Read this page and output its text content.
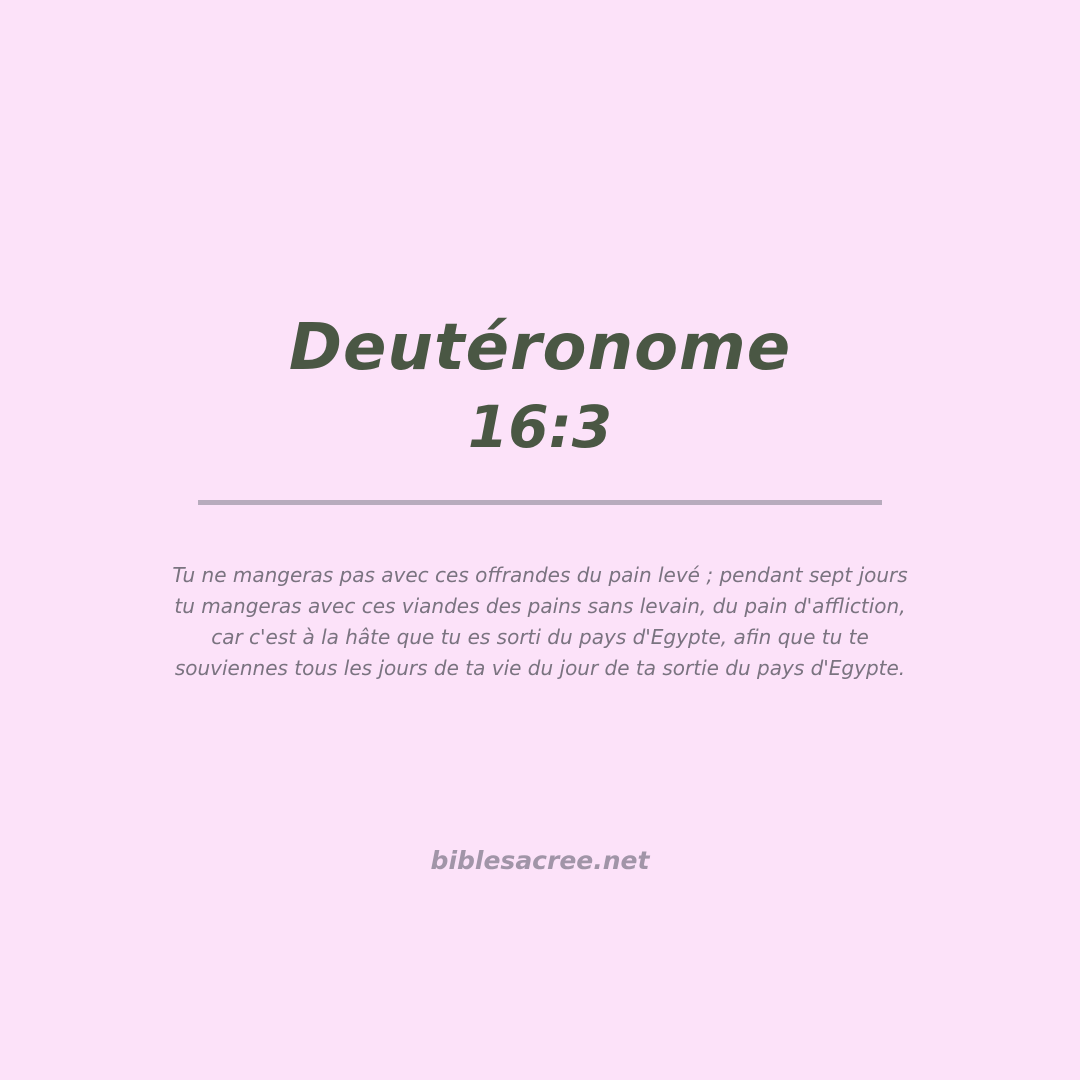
Deutéronome
16:3
Tu ne mangeras pas avec ces offrandes du pain levé ; pendant sept jours
tu mangeras avec ces viandes des pains sans levain, du pain d'affliction,
car c'est à la hâte que tu es sorti du pays d'Egypte, afin que tu te
souviennes tous les jours de ta vie du jour de ta sortie du pays d'Egypte.
biblesacree.net
